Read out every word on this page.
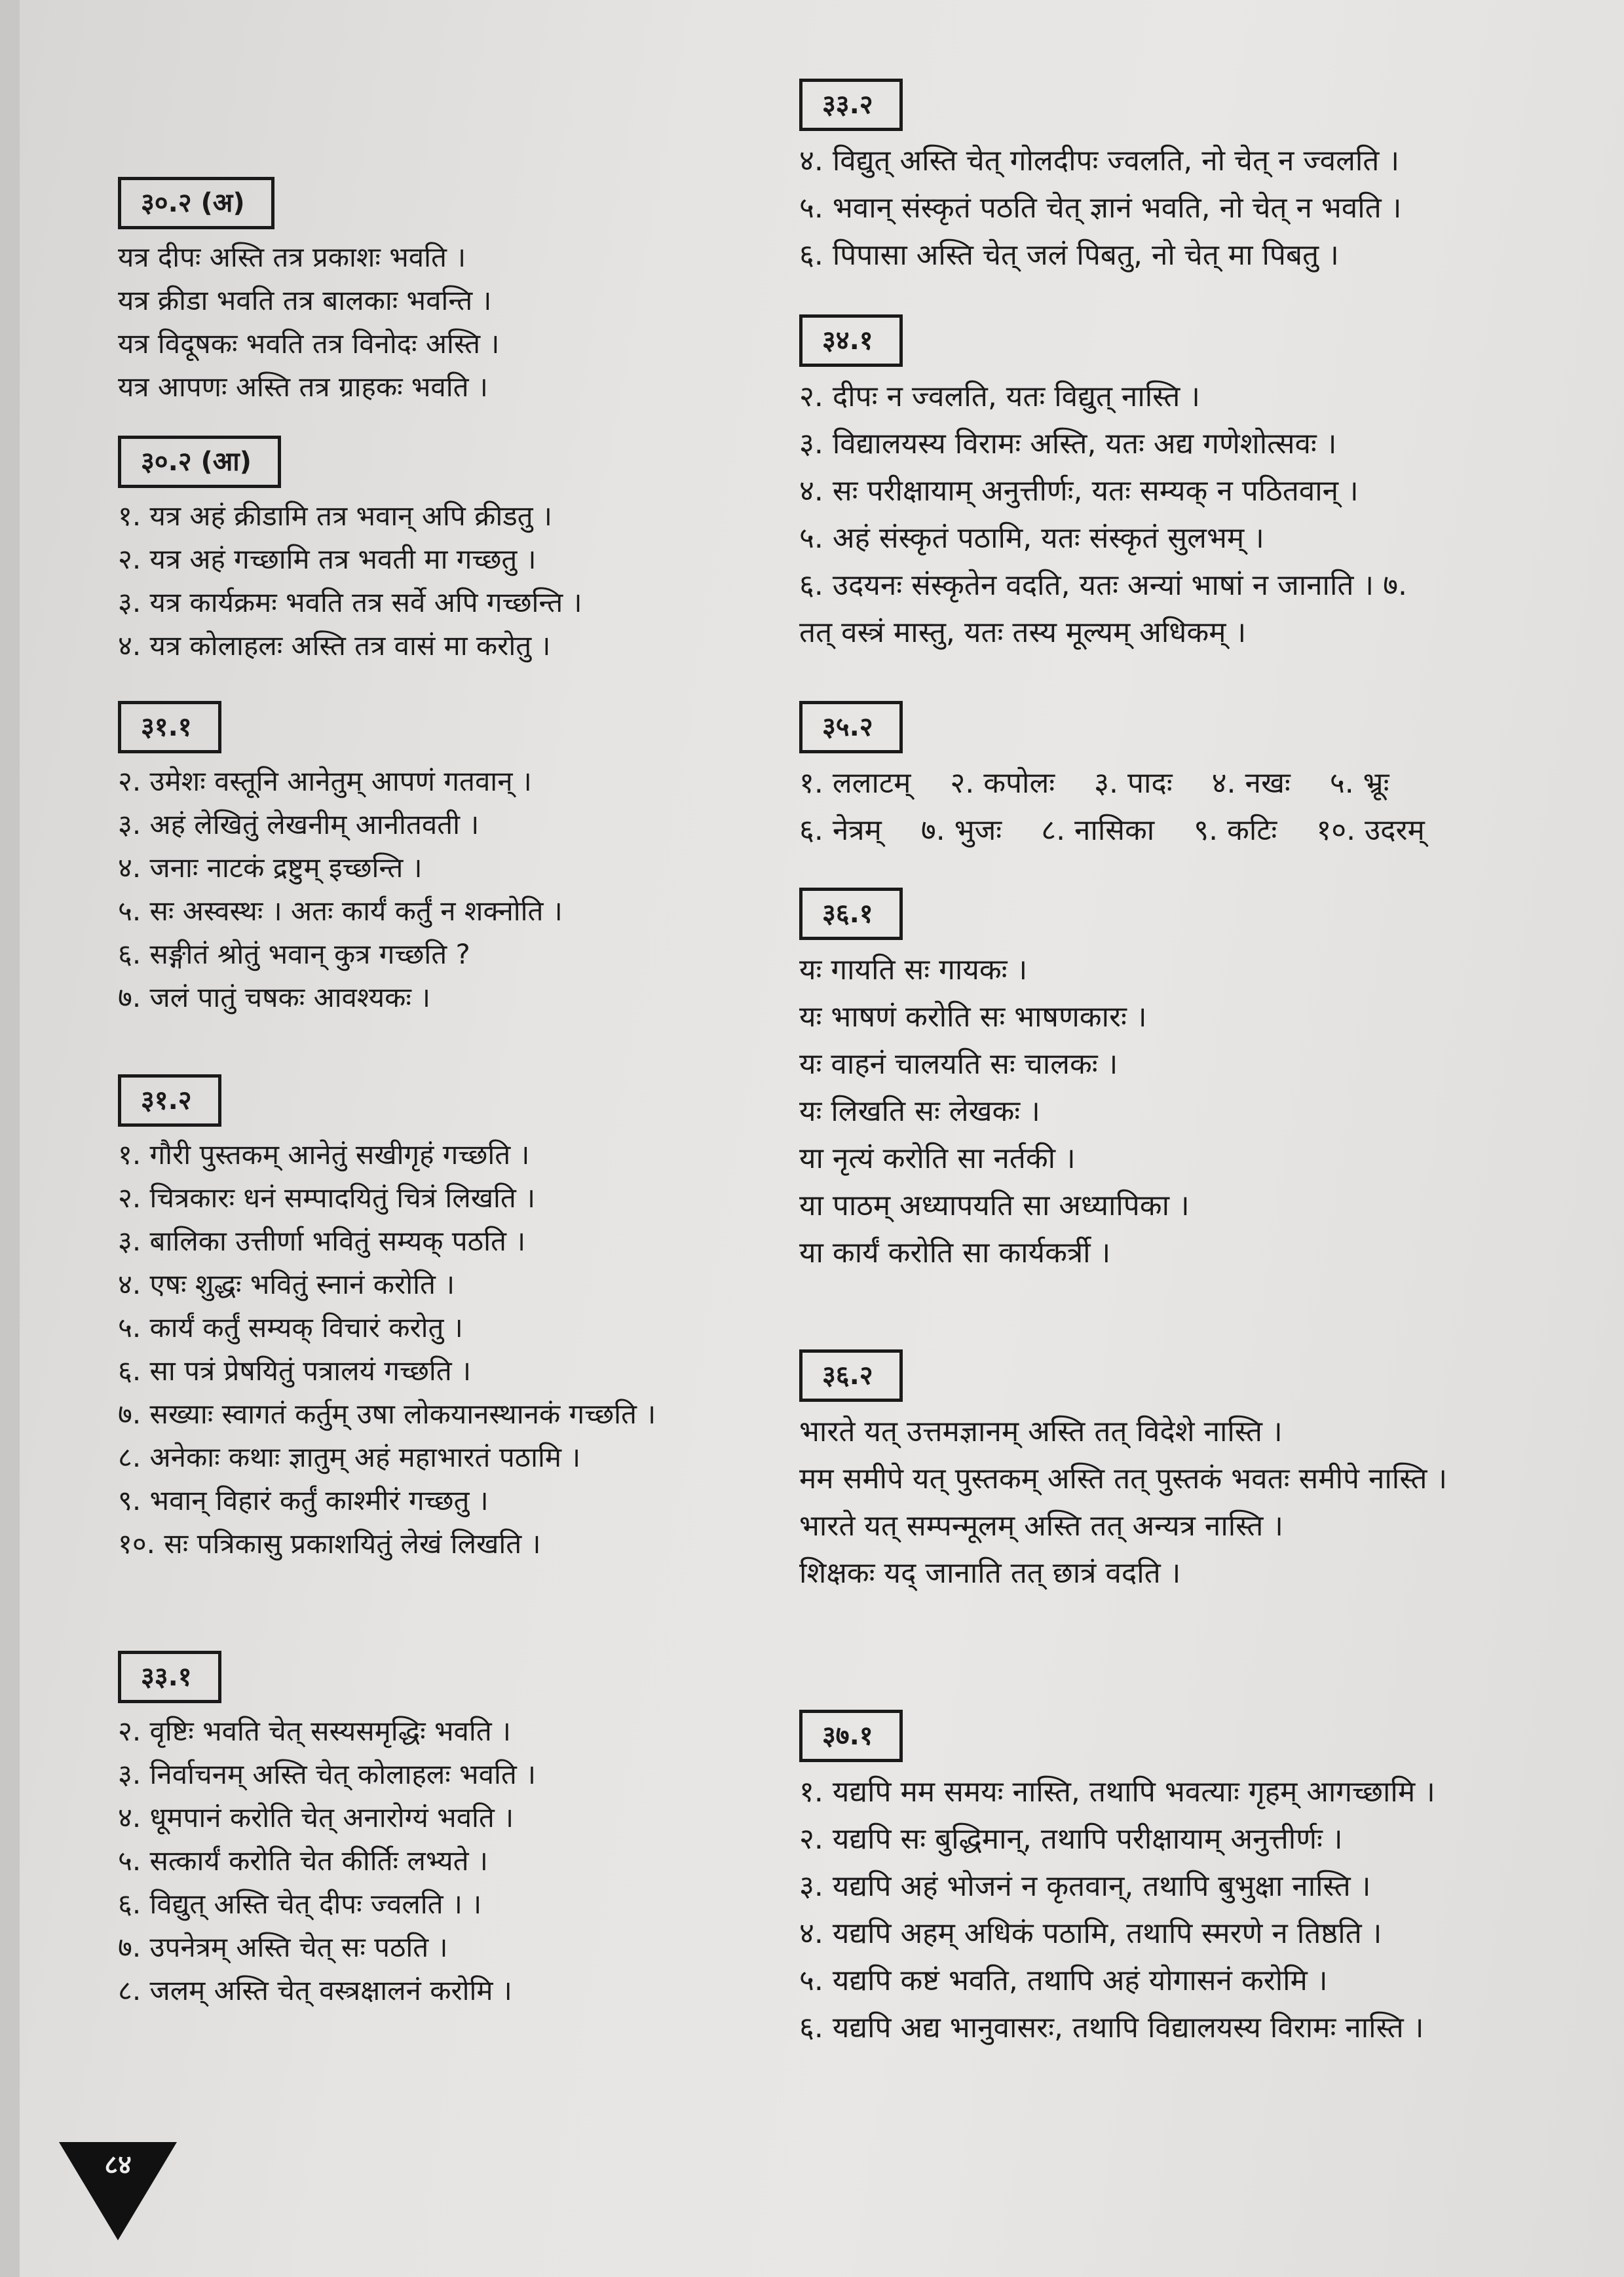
३०.२ (अ)
यत्र दीपः अस्ति तत्र प्रकाशः भवति ।
यत्र क्रीडा भवति तत्र बालकाः भवन्ति ।
यत्र विदूषकः भवति तत्र विनोदः अस्ति ।
यत्र आपणः अस्ति तत्र ग्राहकः भवति ।
३०.२ (आ)
१. यत्र अहं क्रीडामि तत्र भवान् अपि क्रीडतु ।
२. यत्र अहं गच्छामि तत्र भवती मा गच्छतु ।
३. यत्र कार्यक्रमः भवति तत्र सर्वे अपि गच्छन्ति ।
४. यत्र कोलाहलः अस्ति तत्र वासं मा करोतु ।
३१.१
२. उमेशः वस्तूनि आनेतुम् आपणं गतवान् ।
३. अहं लेखितुं लेखनीम् आनीतवती ।
४. जनाः नाटकं द्रष्टुम् इच्छन्ति ।
५. सः अस्वस्थः । अतः कार्यं कर्तुं न शक्नोति ।
६. सङ्गीतं श्रोतुं भवान् कुत्र गच्छति ?
७. जलं पातुं चषकः आवश्यकः ।
३१.२
१. गौरी पुस्तकम् आनेतुं सखीगृहं गच्छति ।
२. चित्रकारः धनं सम्पादयितुं चित्रं लिखति ।
३. बालिका उत्तीर्णा भवितुं सम्यक् पठति ।
४. एषः शुद्धः भवितुं स्नानं करोति ।
५. कार्यं कर्तुं सम्यक् विचारं करोतु ।
६. सा पत्रं प्रेषयितुं पत्रालयं गच्छति ।
७. सख्याः स्वागतं कर्तुम् उषा लोकयानस्थानकं गच्छति ।
८. अनेकाः कथाः ज्ञातुम् अहं महाभारतं पठामि ।
९. भवान् विहारं कर्तुं काश्मीरं गच्छतु ।
१०. सः पत्रिकासु प्रकाशयितुं लेखं लिखति ।
३३.१
२. वृष्टिः भवति चेत् सस्यसमृद्धिः भवति ।
३. निर्वाचनम् अस्ति चेत् कोलाहलः भवति ।
४. धूमपानं करोति चेत् अनारोग्यं भवति ।
५. सत्कार्यं करोति चेत कीर्तिः लभ्यते ।
६. विद्युत् अस्ति चेत् दीपः ज्वलति । ।
७. उपनेत्रम् अस्ति चेत् सः पठति ।
८. जलम् अस्ति चेत् वस्त्रक्षालनं करोमि ।
३३.२
४. विद्युत् अस्ति चेत् गोलदीपः ज्वलति, नो चेत् न ज्वलति ।
५. भवान् संस्कृतं पठति चेत् ज्ञानं भवति, नो चेत् न भवति ।
६. पिपासा अस्ति चेत् जलं पिबतु, नो चेत् मा पिबतु ।
३४.१
२. दीपः न ज्वलति, यतः विद्युत् नास्ति ।
३. विद्यालयस्य विरामः अस्ति, यतः अद्य गणेशोत्सवः ।
४. सः परीक्षायाम् अनुत्तीर्णः, यतः सम्यक् न पठितवान् ।
५. अहं संस्कृतं पठामि, यतः संस्कृतं सुलभम् ।
६. उदयनः संस्कृतेन वदति, यतः अन्यां भाषां न जानाति । ७.
तत् वस्त्रं मास्तु, यतः तस्य मूल्यम् अधिकम् ।
३५.२
१. ललाटम् २. कपोलः ३. पादः ४. नखः ५. भ्रूः
६. नेत्रम् ७. भुजः ८. नासिका ९. कटिः १०. उदरम्
३६.१
यः गायति सः गायकः ।
यः भाषणं करोति सः भाषणकारः ।
यः वाहनं चालयति सः चालकः ।
यः लिखति सः लेखकः ।
या नृत्यं करोति सा नर्तकी ।
या पाठम् अध्यापयति सा अध्यापिका ।
या कार्यं करोति सा कार्यकर्त्री ।
३६.२
भारते यत् उत्तमज्ञानम् अस्ति तत् विदेशे नास्ति ।
मम समीपे यत् पुस्तकम् अस्ति तत् पुस्तकं भवतः समीपे नास्ति ।
भारते यत् सम्पन्मूलम् अस्ति तत् अन्यत्र नास्ति ।
शिक्षकः यद् जानाति तत् छात्रं वदति ।
३७.१
१. यद्यपि मम समयः नास्ति, तथापि भवत्याः गृहम् आगच्छामि ।
२. यद्यपि सः बुद्धिमान्, तथापि परीक्षायाम् अनुत्तीर्णः ।
३. यद्यपि अहं भोजनं न कृतवान्, तथापि बुभुक्षा नास्ति ।
४. यद्यपि अहम् अधिकं पठामि, तथापि स्मरणे न तिष्ठति ।
५. यद्यपि कष्टं भवति, तथापि अहं योगासनं करोमि ।
६. यद्यपि अद्य भानुवासरः, तथापि विद्यालयस्य विरामः नास्ति ।
८४
